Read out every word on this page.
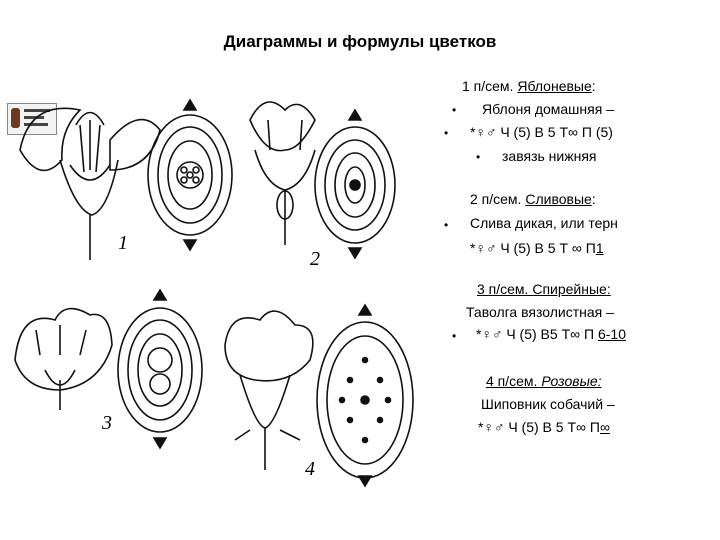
Диаграммы и формулы цветков
1
2
3
4
1 п/сем. Яблоневые:
• Яблоня домашняя –
• *♀♂ Ч (5) В 5 Т∞ П (5)
• завязь нижняя
2 п/сем. Сливовые:
• Слива дикая, или терн
*♀♂ Ч (5) В 5 Т ∞ П1
3 п/сем. Спирейные:
Таволга вязолистная –
• *♀♂ Ч (5) В5 Т∞ П 6-10
4 п/сем. Розовые:
Шиповник собачий –
*♀♂ Ч (5) В 5 Т∞ П∞
